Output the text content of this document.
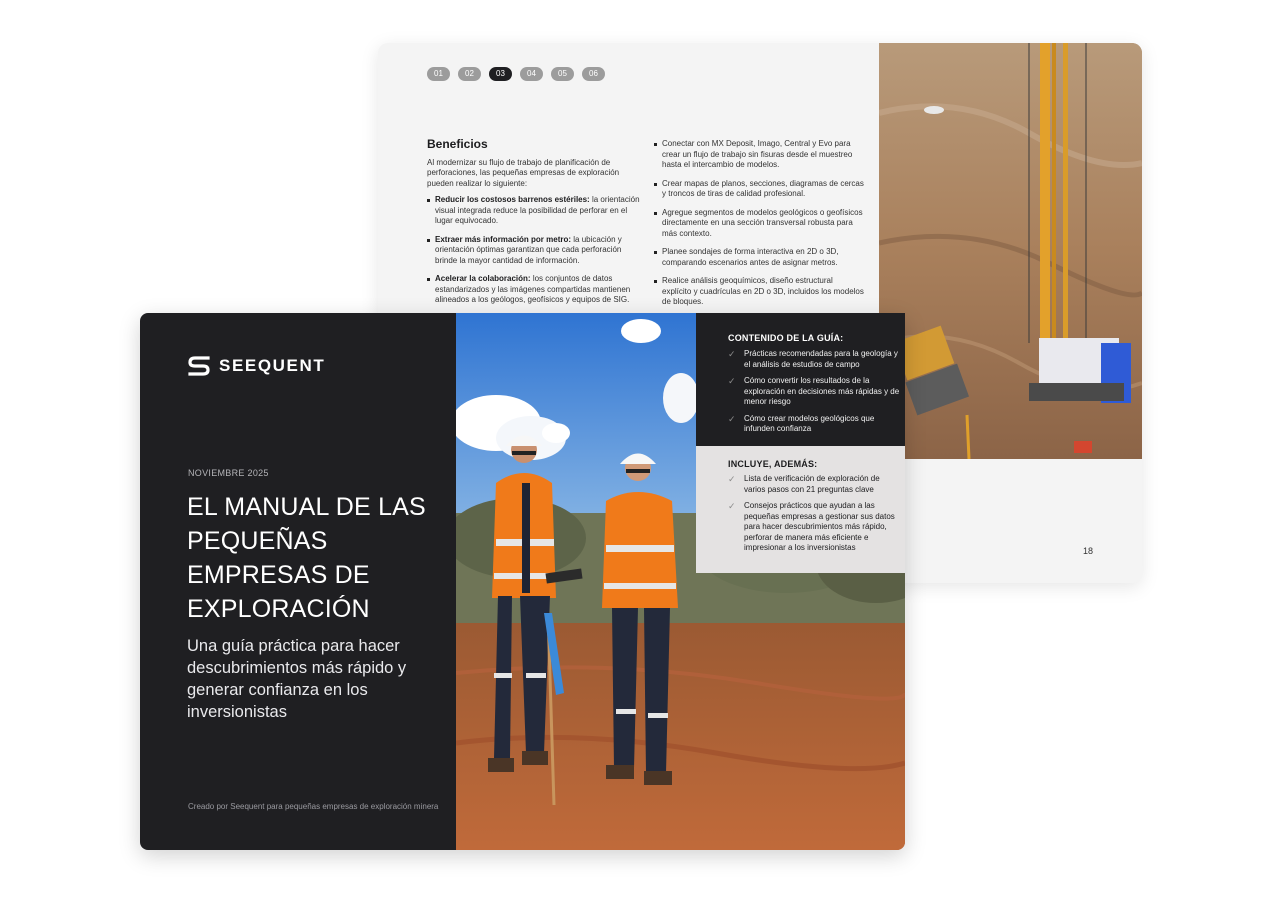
01	02	03	04	05	06
Beneficios

Al modernizar su flujo de trabajo de planificación de perforaciones, las pequeñas empresas de exploración pueden realizar lo siguiente:

Reducir los costosos barrenos estériles: la orientación visual integrada reduce la posibilidad de perforar en el lugar equivocado.
Extraer más información por metro: la ubicación y orientación óptimas garantizan que cada perforación brinde la mayor cantidad de información.
Acelerar la colaboración: los conjuntos de datos estandarizados y las imágenes compartidas mantienen alineados a los geólogos, geofísicos y equipos de SIG.
Conectar con MX Deposit, Imago, Central y Evo para crear un flujo de trabajo sin fisuras desde el muestreo hasta el intercambio de modelos.
Crear mapas de planos, secciones, diagramas de cercas y troncos de tiras de calidad profesional.
Agregue segmentos de modelos geológicos o geofísicos directamente en una sección transversal robusta para más contexto.
Planee sondajes de forma interactiva en 2D o 3D, comparando escenarios antes de asignar metros.
Realice análisis geoquímicos, diseño estructural explícito y cuadrículas en 2D o 3D, incluidos los modelos de bloques.
18
SEEQUENT
NOVIEMBRE 2025
EL MANUAL DE LAS PEQUEÑAS EMPRESAS DE EXPLORACIÓN

Una guía práctica para hacer descubrimientos más rápido y generar confianza en los inversionistas

Creado por Seequent para pequeñas empresas de exploración minera
CONTENIDO DE LA GUÍA:
✓ Prácticas recomendadas para la geología y el análisis de estudios de campo
✓ Cómo convertir los resultados de la exploración en decisiones más rápidas y de menor riesgo
✓ Cómo crear modelos geológicos que infunden confianza
INCLUYE, ADEMÁS:
✓ Lista de verificación de exploración de varios pasos con 21 preguntas clave
✓ Consejos prácticos que ayudan a las pequeñas empresas a gestionar sus datos para hacer descubrimientos más rápido, perforar de manera más eficiente e impresionar a los inversionistas
